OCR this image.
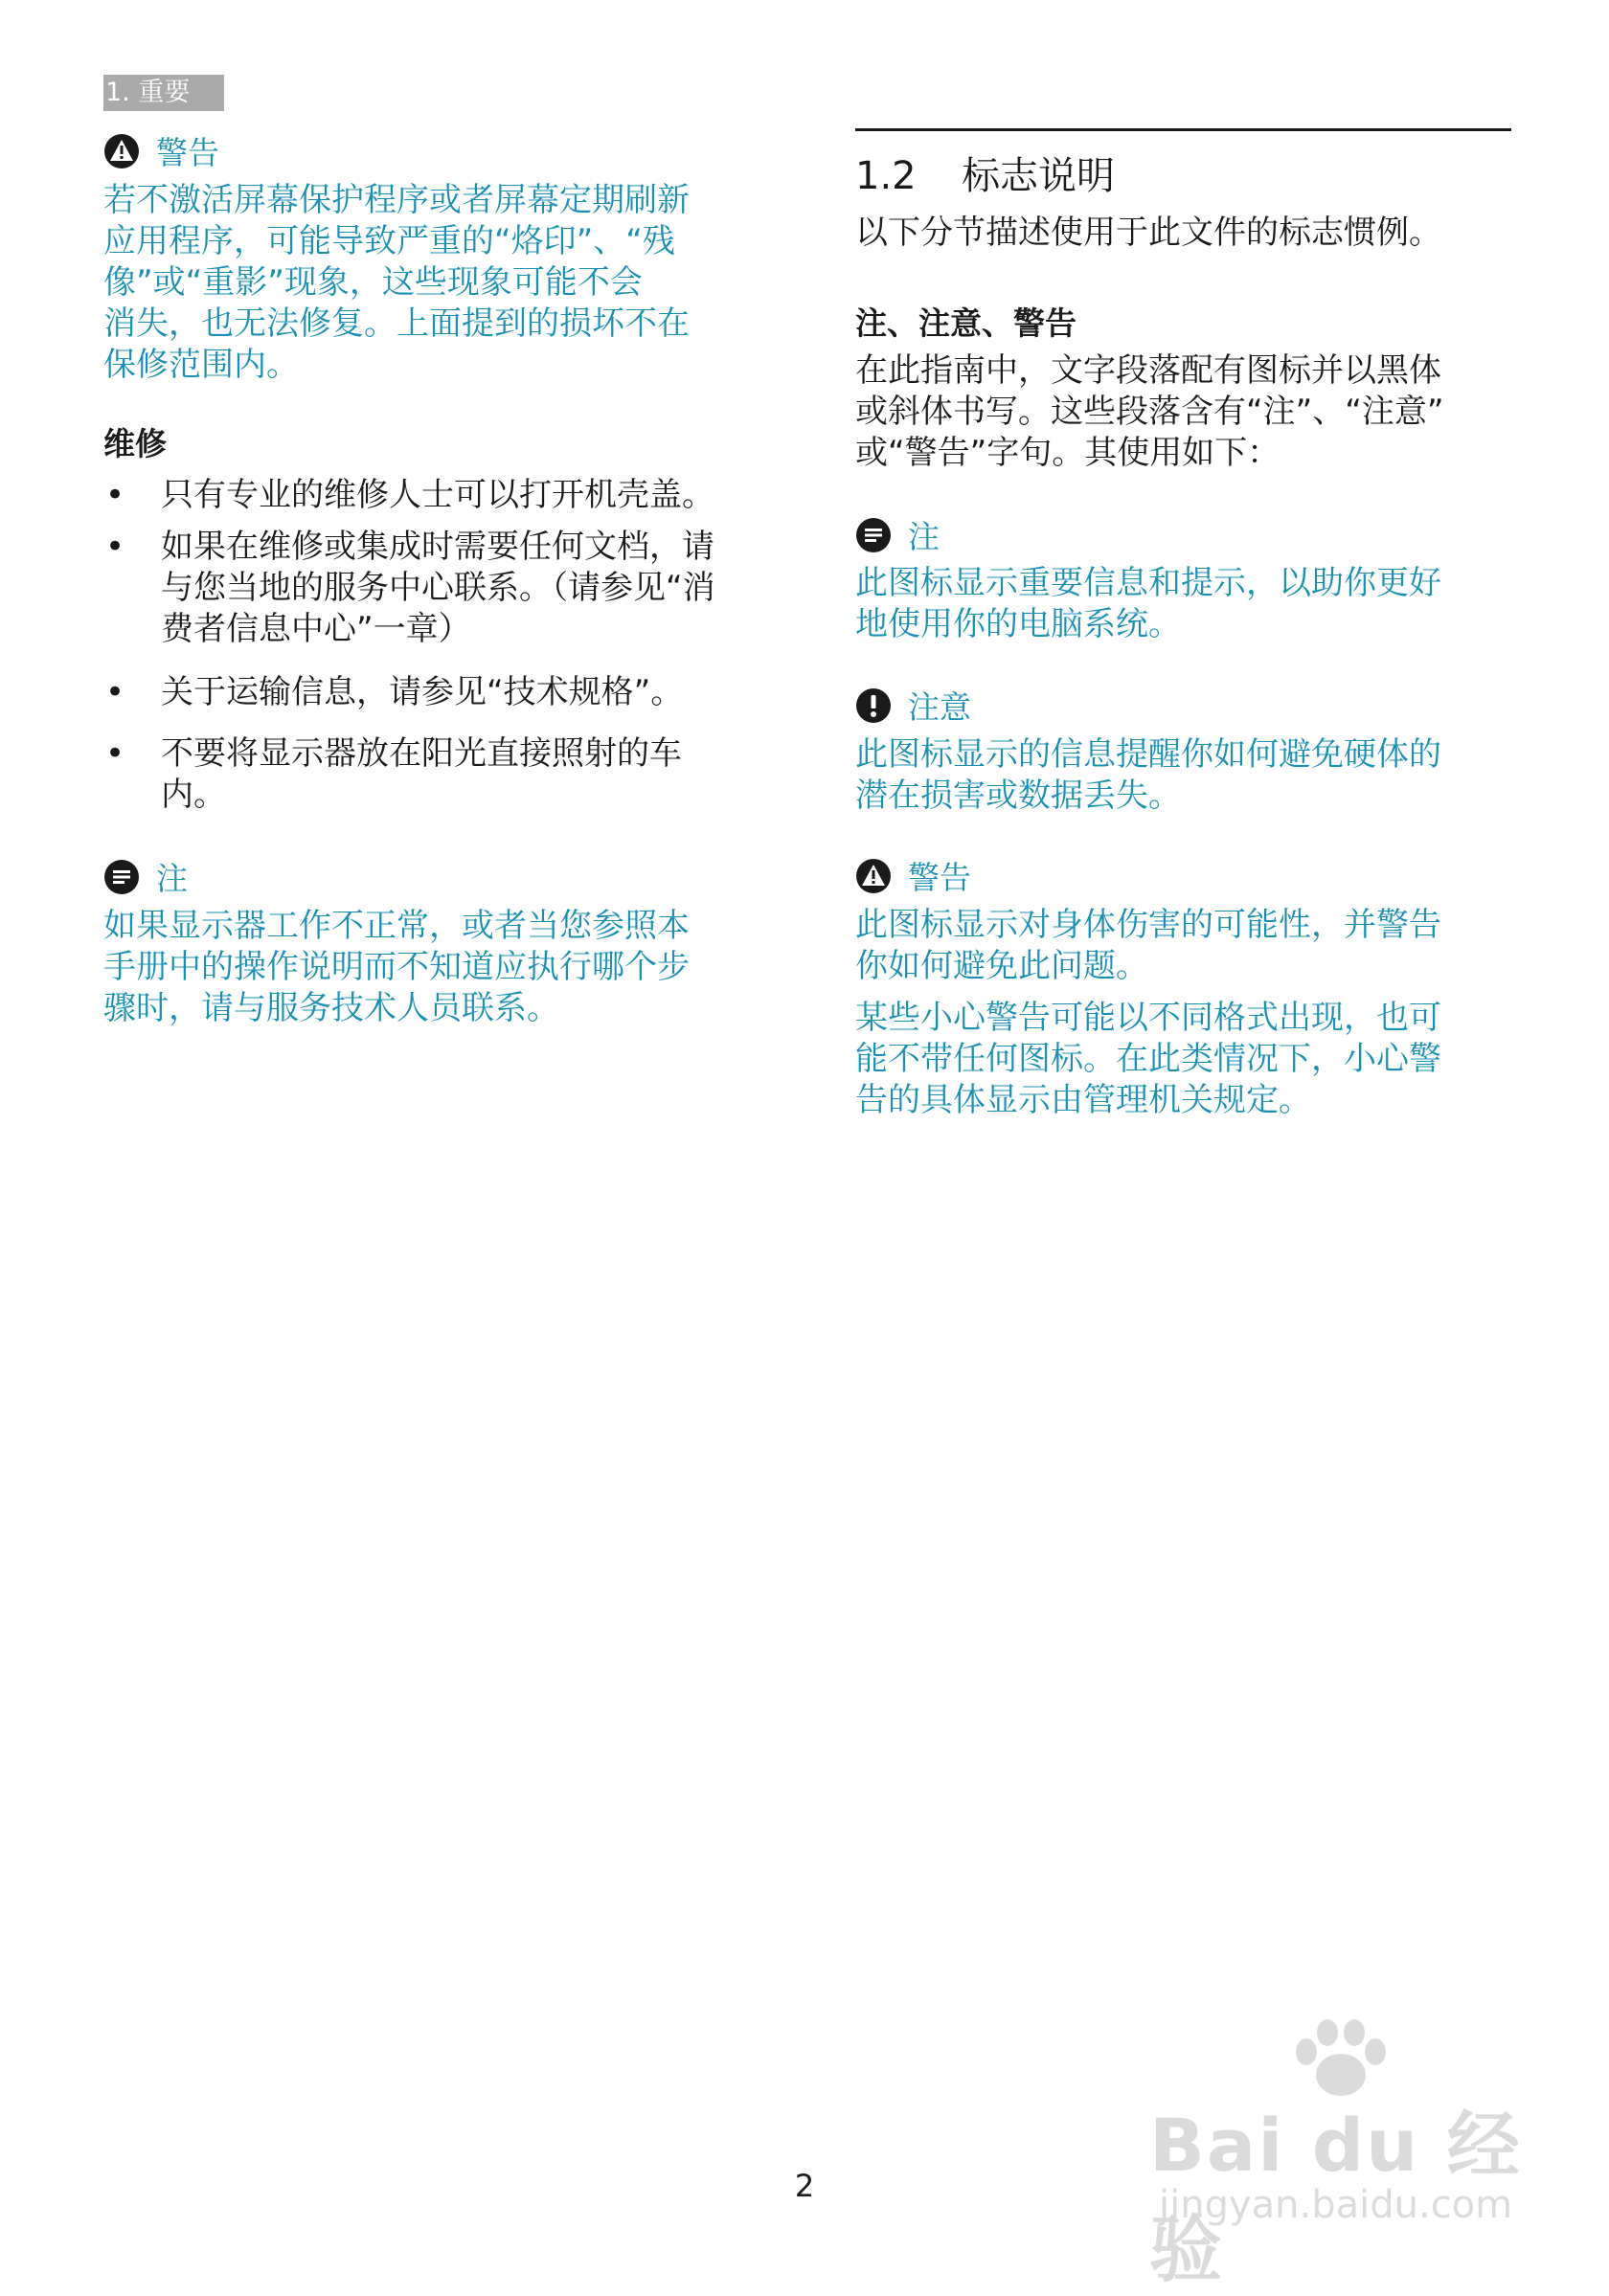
1. 重要
警告
若不激活屏幕保护程序或者屏幕定期刷新
应用程序，可能导致严重的“烙印”、“残
像”或“重影”现象，这些现象可能不会
消失，也无法修复。上面提到的损坏不在
保修范围内。
维修
• 只有专业的维修人士可以打开机壳盖。
• 如果在维修或集成时需要任何文档，请
与您当地的服务中心联系。（请参见“消
费者信息中心”一章）
• 关于运输信息，请参见“技术规格”。
• 不要将显示器放在阳光直接照射的车
内。
注
如果显示器工作不正常，或者当您参照本
手册中的操作说明而不知道应执行哪个步
骤时，请与服务技术人员联系。
1.2 标志说明
以下分节描述使用于此文件的标志惯例。
注、注意、警告
在此指南中，文字段落配有图标并以黑体
或斜体书写。这些段落含有“注”、“注意”
或“警告”字句。其使用如下：
注
此图标显示重要信息和提示，以助你更好
地使用你的电脑系统。
注意
此图标显示的信息提醒你如何避免硬体的
潜在损害或数据丢失。
警告
此图标显示对身体伤害的可能性，并警告
你如何避免此问题。
某些小心警告可能以不同格式出现，也可
能不带任何图标。在此类情况下，小心警
告的具体显示由管理机关规定。
2	Bai du 经验
jingyan.baidu.com
